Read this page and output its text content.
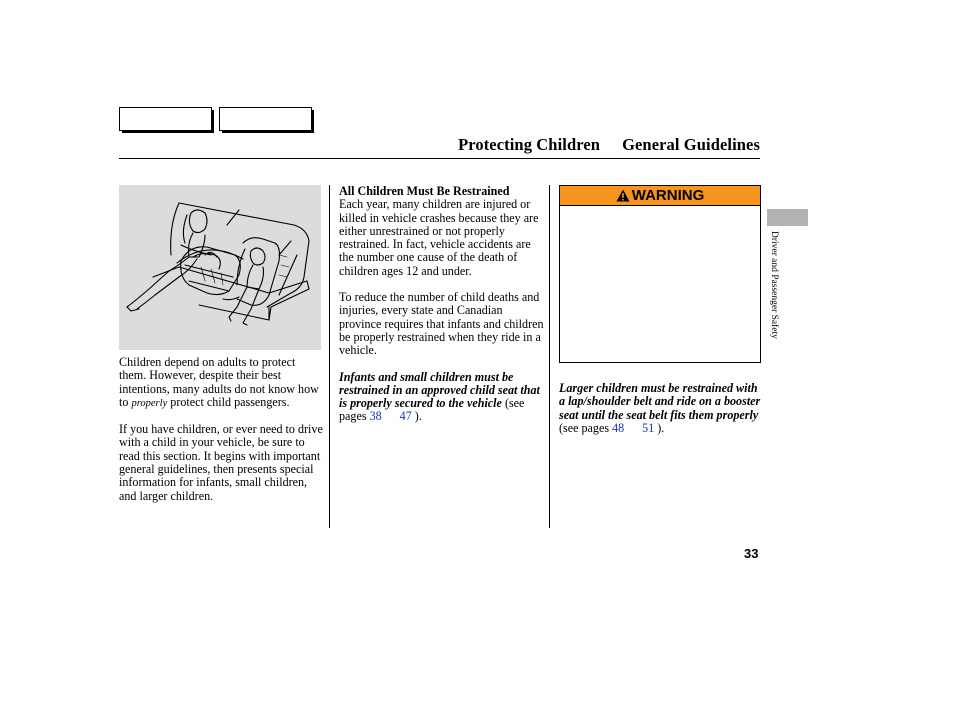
Protecting Children General Guidelines

Children depend on adults to protect them. However, despite their best intentions, many adults do not know how to properly protect child passengers.

If you have children, or ever need to drive with a child in your vehicle, be sure to read this section. It begins with important general guidelines, then presents special information for infants, small children, and larger children.

All Children Must Be Restrained

Each year, many children are injured or killed in vehicle crashes because they are either unrestrained or not properly restrained. In fact, vehicle accidents are the number one cause of the death of children ages 12 and under.

To reduce the number of child deaths and injuries, every state and Canadian province requires that infants and children be properly restrained when they ride in a vehicle.

Infants and small children must be restrained in an approved child seat that is properly secured to the vehicle (see pages 38 47 ).

WARNING

Larger children must be restrained with a lap/shoulder belt and ride on a booster seat until the seat belt fits them properly (see pages 48 51 ).

Driver and Passenger Safety
33
